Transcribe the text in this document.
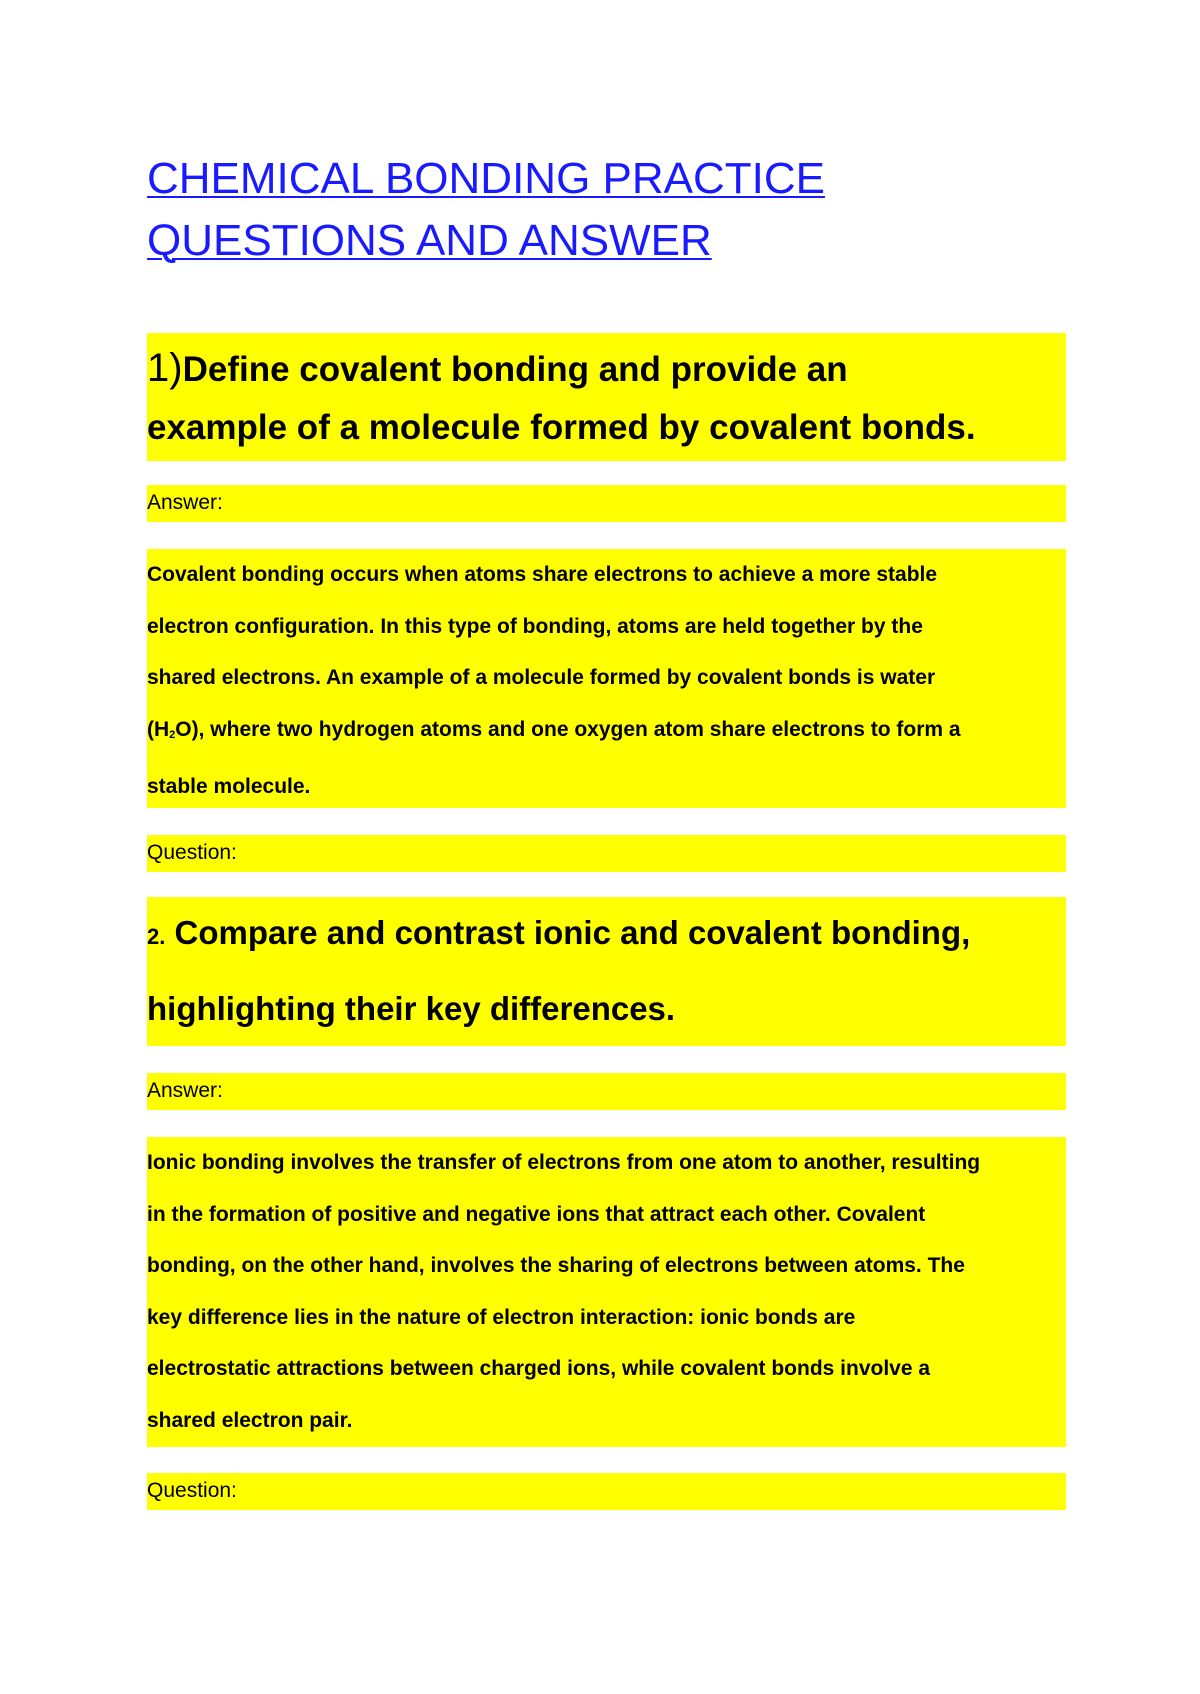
CHEMICAL BONDING PRACTICE
QUESTIONS AND ANSWER
1)Define covalent bonding and provide an
example of a molecule formed by covalent bonds.
Answer:
Covalent bonding occurs when atoms share electrons to achieve a more stable
electron configuration. In this type of bonding, atoms are held together by the
shared electrons. An example of a molecule formed by covalent bonds is water
(H2O), where two hydrogen atoms and one oxygen atom share electrons to form a
stable molecule.
Question:
2. Compare and contrast ionic and covalent bonding,
highlighting their key differences.
Answer:
Ionic bonding involves the transfer of electrons from one atom to another, resulting
in the formation of positive and negative ions that attract each other. Covalent
bonding, on the other hand, involves the sharing of electrons between atoms. The
key difference lies in the nature of electron interaction: ionic bonds are
electrostatic attractions between charged ions, while covalent bonds involve a
shared electron pair.
Question:
